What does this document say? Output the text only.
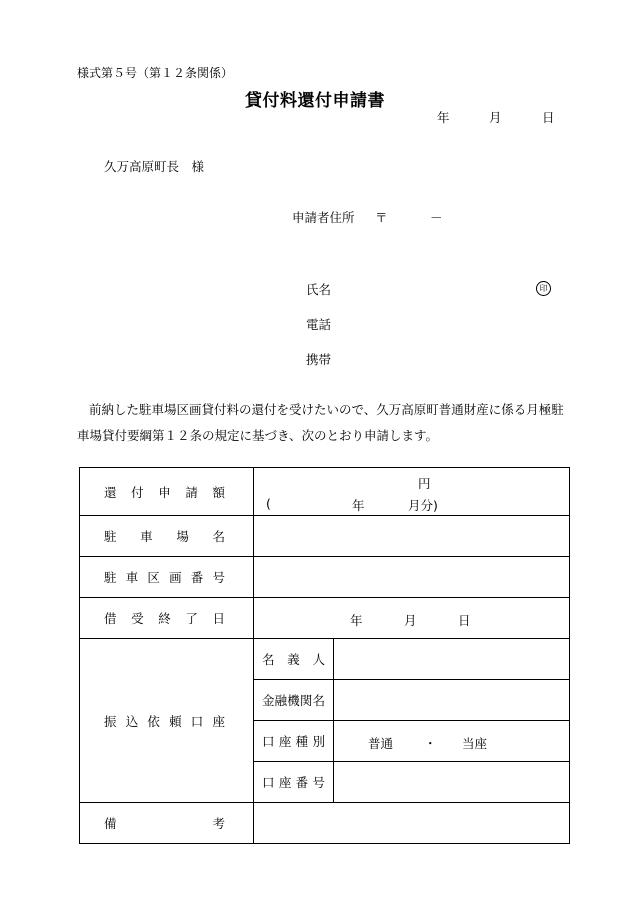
様式第５号（第１２条関係）
貸付料還付申請書
年	月	日
久万高原町長　様
申請者住所 〒	－
氏名	印
電話
携帯
前納した駐車場区画貸付料の還付を受けたいので、久万高原町普通財産に係る月極駐車場貸付要綱第１２条の規定に基づき、次のとおり申請します。
還付申請額	円
( 年 月分)	

駐車場名		
駐車区画番号		
借受終了日	年 月 日	

振込依頼口座	名義人	
	金融機関名	
	口座種別	普通 ・ 当座

	口座番号	
備考		
